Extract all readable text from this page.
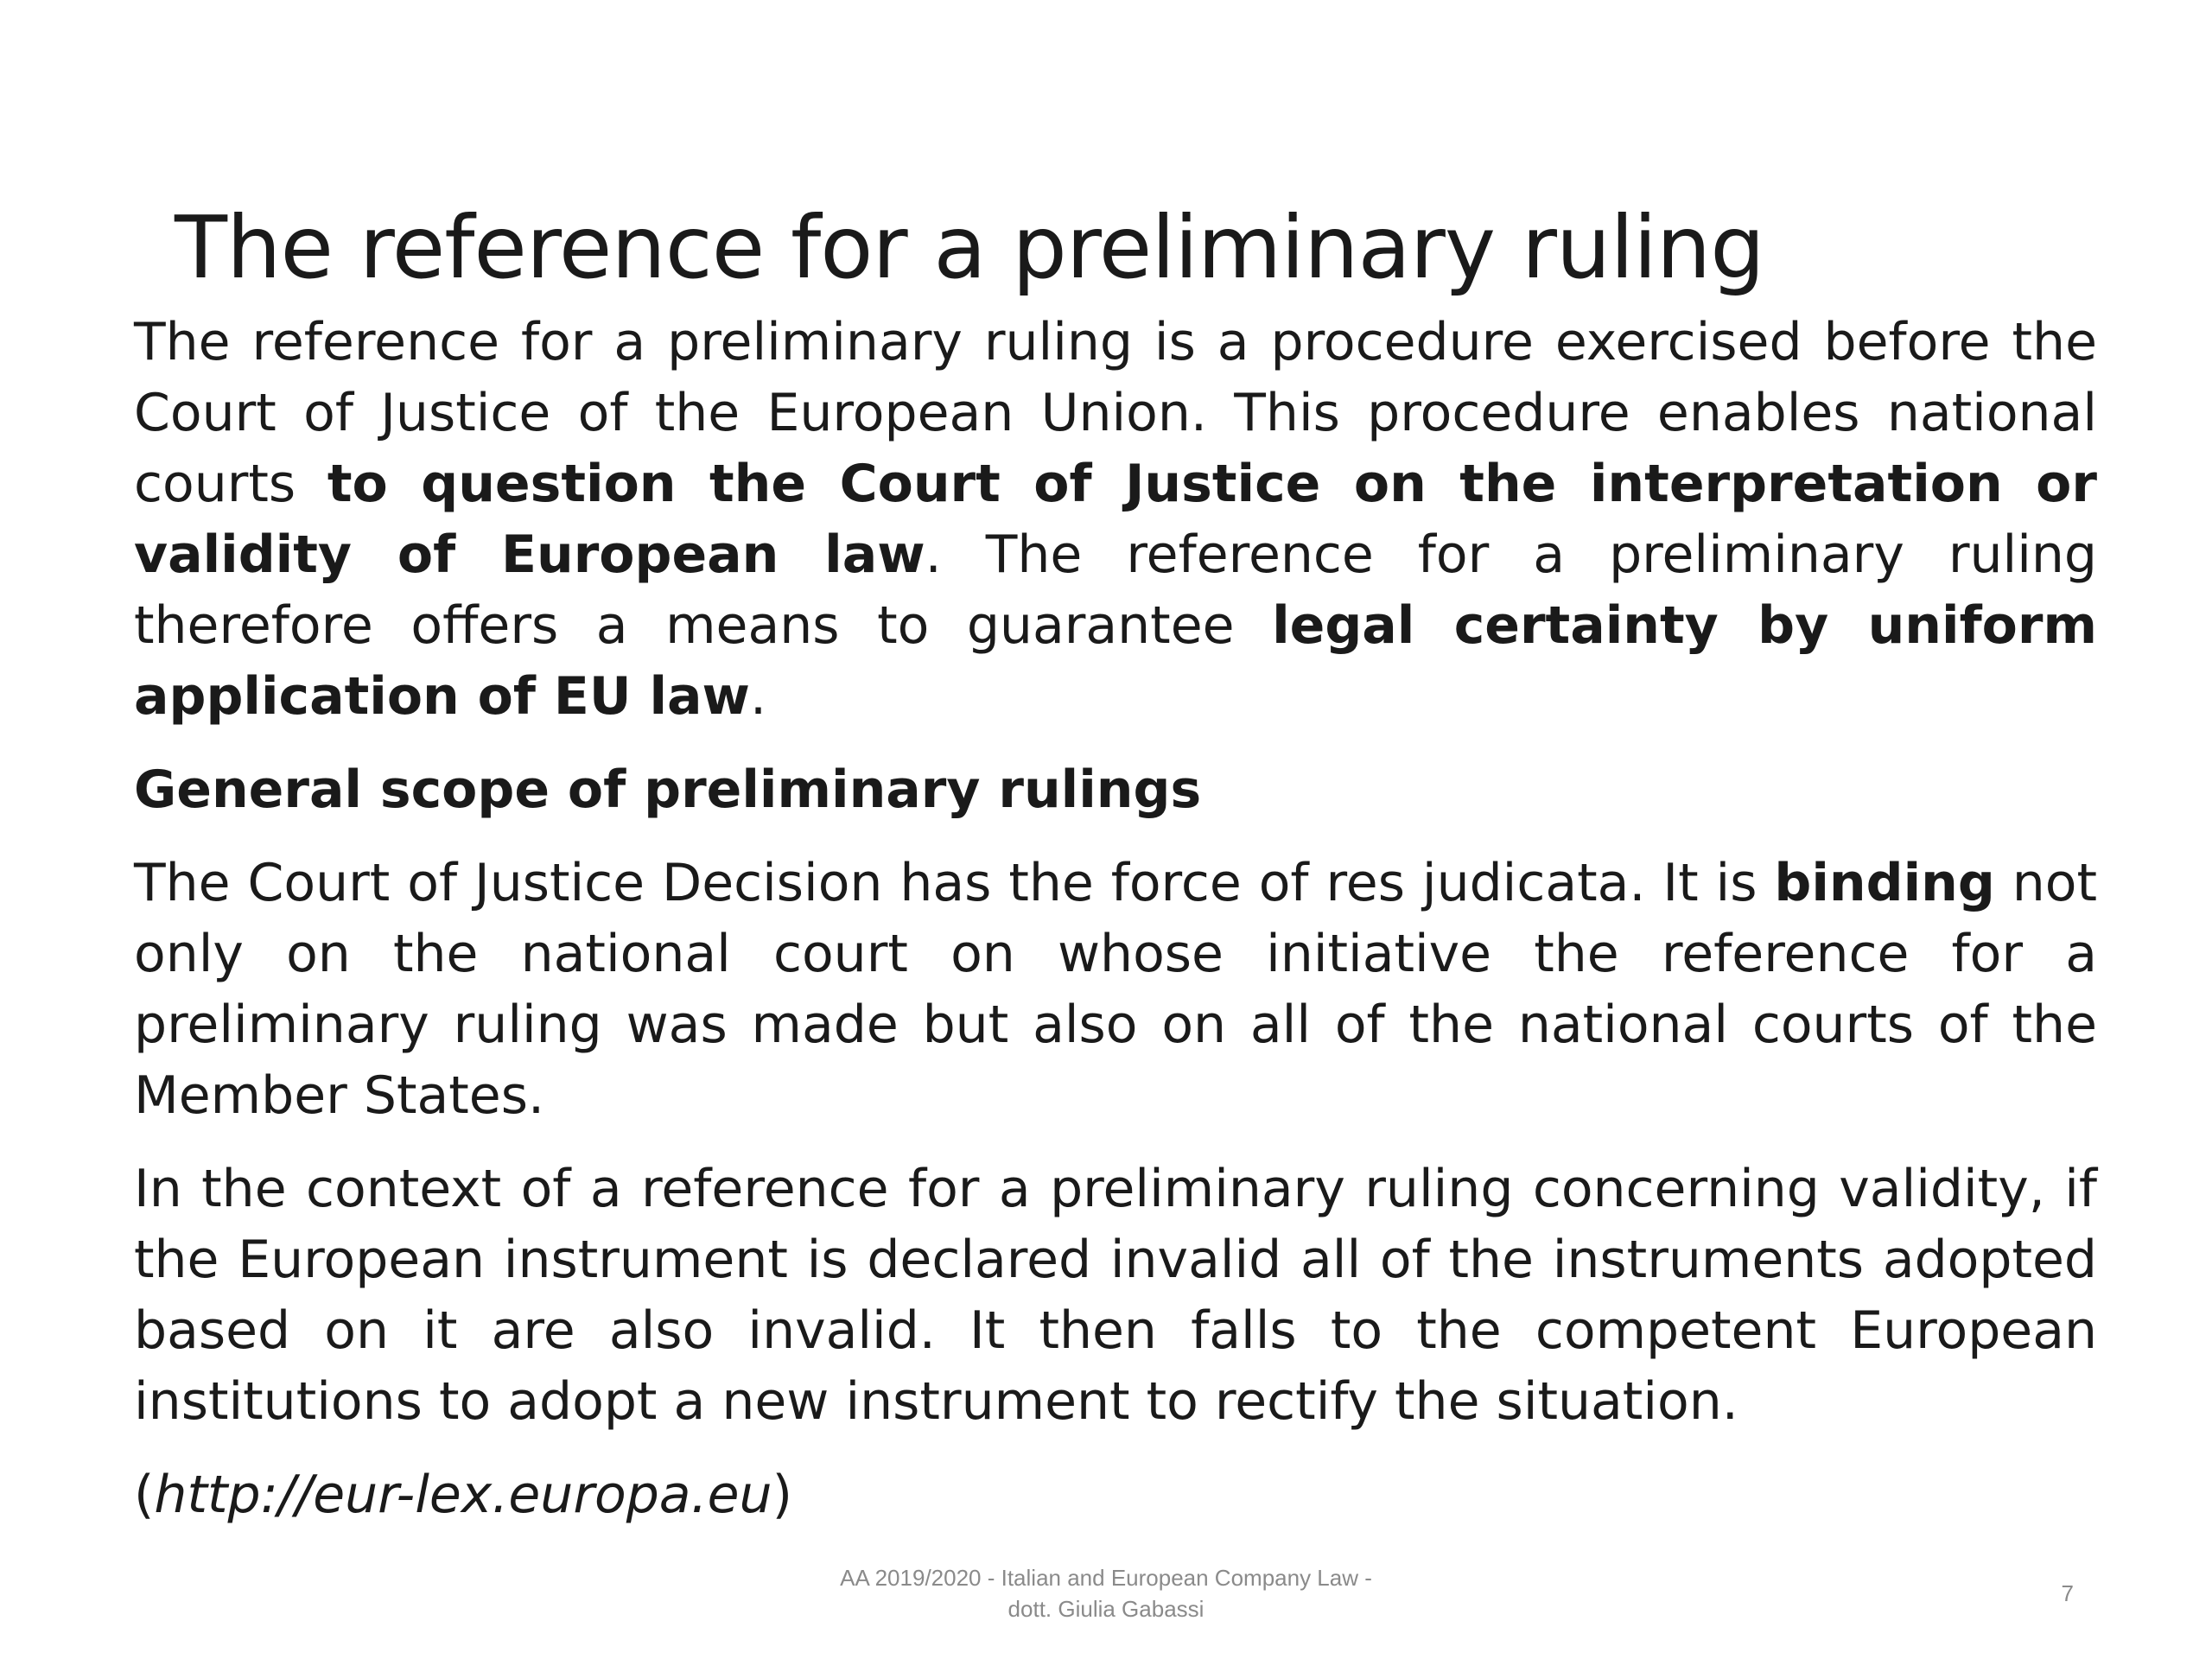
The reference for a preliminary ruling

The reference for a preliminary ruling is a procedure exercised before the Court of Justice of the European Union. This procedure enables national courts to question the Court of Justice on the interpretation or validity of European law. The reference for a preliminary ruling therefore offers a means to guarantee legal certainty by uniform application of EU law.

General scope of preliminary rulings

The Court of Justice Decision has the force of res judicata. It is binding not only on the national court on whose initiative the reference for a preliminary ruling was made but also on all of the national courts of the Member States.

In the context of a reference for a preliminary ruling concerning validity, if the European instrument is declared invalid all of the instruments adopted based on it are also invalid. It then falls to the competent European institutions to adopt a new instrument to rectify the situation.

(http://eur-lex.europa.eu)

AA 2019/2020 - Italian and European Company Law -
dott. Giulia Gabassi
7
